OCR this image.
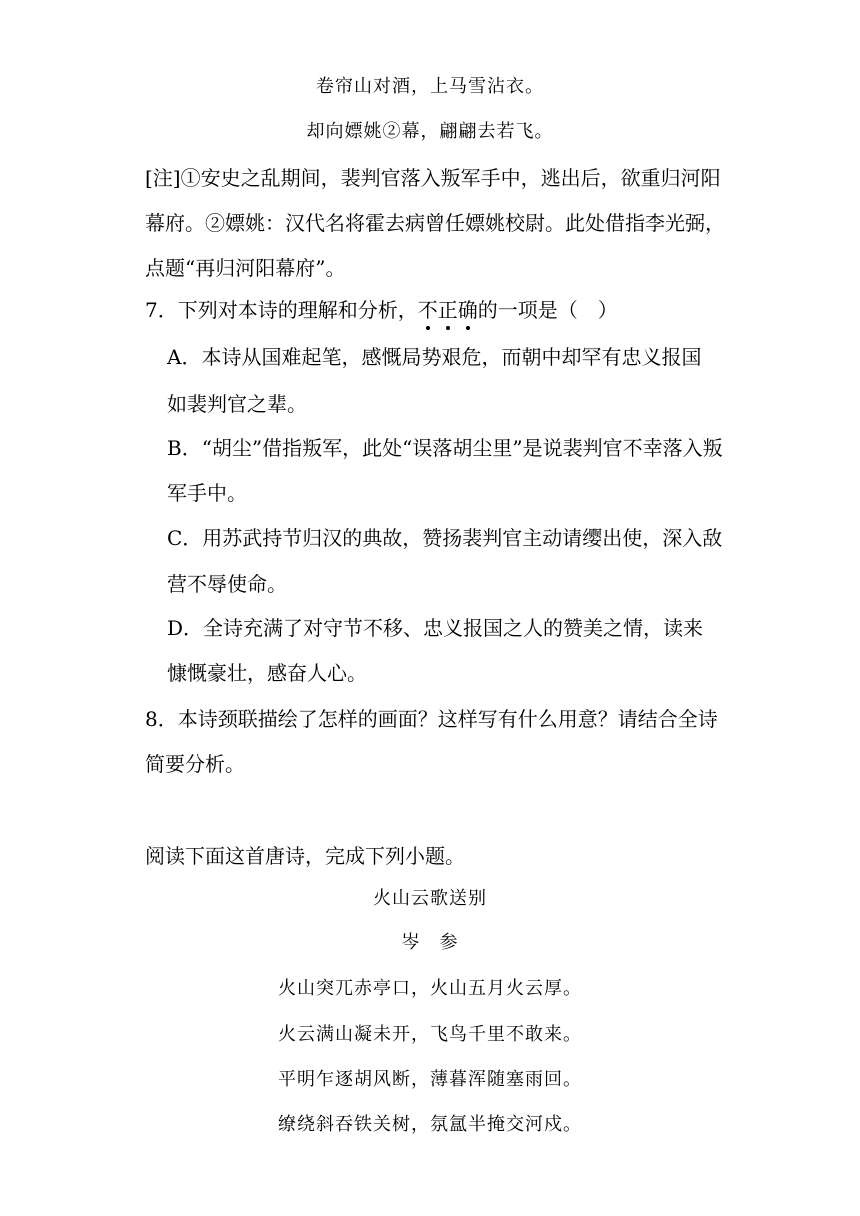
卷帘山对酒，上马雪沾衣。
却向嫖姚②幕，翩翩去若飞。
[注]①安史之乱期间，裴判官落入叛军手中，逃出后，欲重归河阳
幕府。②嫖姚：汉代名将霍去病曾任嫖姚校尉。此处借指李光弼，
点题“再归河阳幕府”。
7．下列对本诗的理解和分析，不正确的一项是（　）
A．本诗从国难起笔，感慨局势艰危，而朝中却罕有忠义报国
如裴判官之辈。
B．“胡尘”借指叛军，此处“误落胡尘里”是说裴判官不幸落入叛
军手中。
C．用苏武持节归汉的典故，赞扬裴判官主动请缨出使，深入敌
营不辱使命。
D．全诗充满了对守节不移、忠义报国之人的赞美之情，读来
慷慨豪壮，感奋人心。
8．本诗颈联描绘了怎样的画面？这样写有什么用意？请结合全诗
简要分析。
阅读下面这首唐诗，完成下列小题。
火山云歌送别
岑　参
火山突兀赤亭口，火山五月火云厚。
火云满山凝未开，飞鸟千里不敢来。
平明乍逐胡风断，薄暮浑随塞雨回。
缭绕斜吞铁关树，氛氲半掩交河戍。
